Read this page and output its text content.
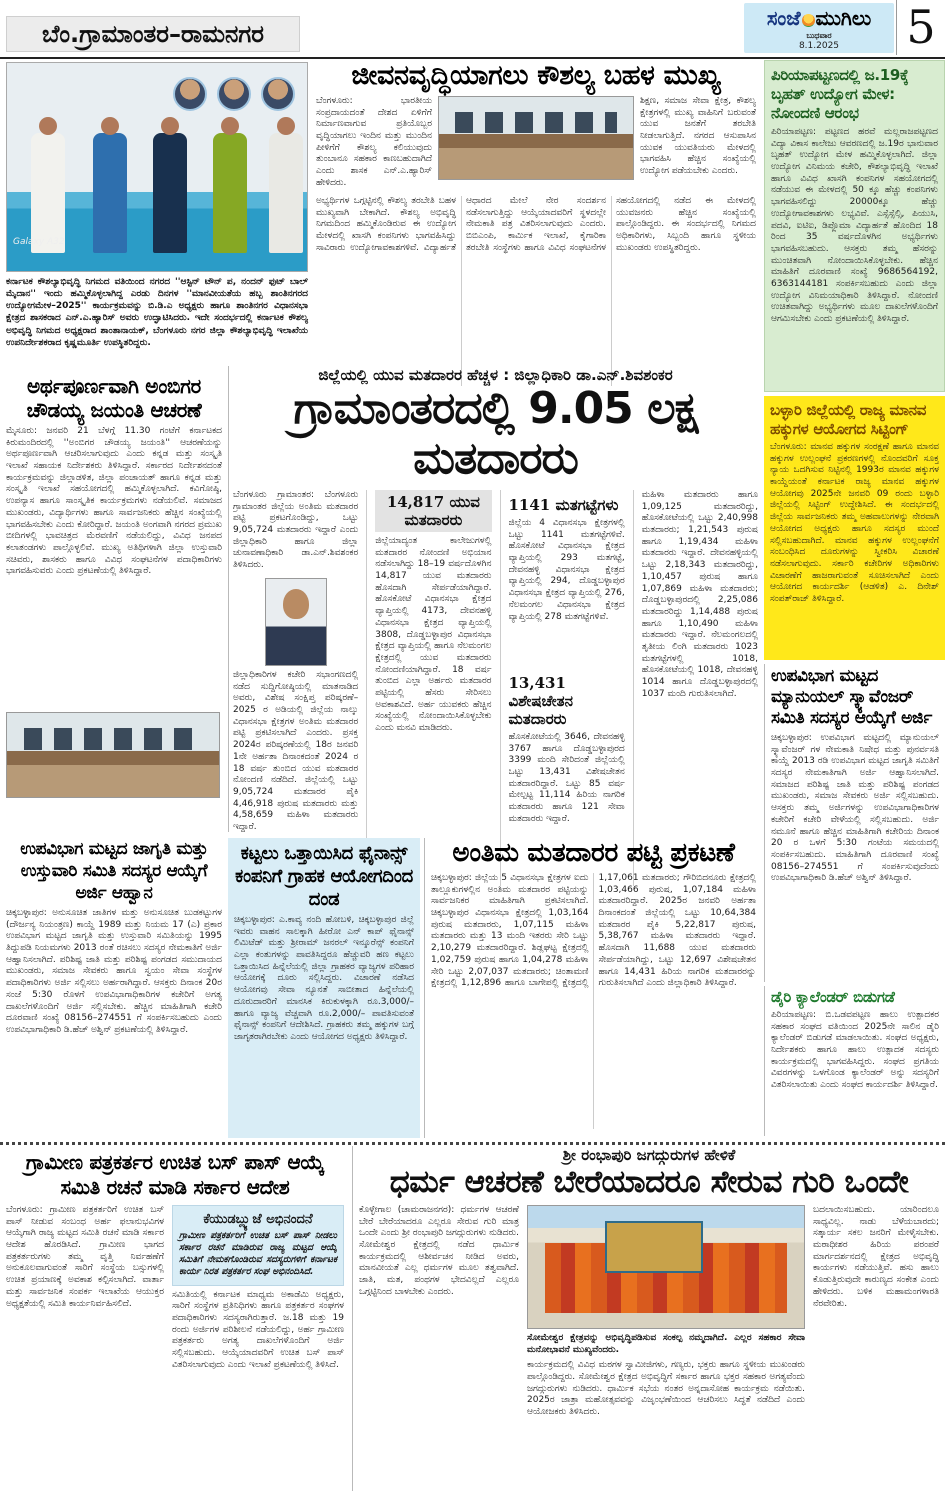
ಬೆಂ.ಗ್ರಾಮಾಂತರ–ರಾಮನಗರ
ಸಂಜೆ ಮುಗಿಲು
ಬುಧವಾರ
8.1.2025	5
Galaxy A32
ಕರ್ನಾಟಕ ಕೌಶಲ್ಯಾಭಿವೃದ್ಧಿ ನಿಗಮದ ವತಿಯಿಂದ ನಗರದ ''ಆಸ್ಟಿನ್ ಟೌನ್ ಪ, ನಂದನ್ ಫುಟ್ ಬಾಲ್ ಮೈದಾನ'' ಇಂದು ಹಮ್ಮಿಕೊಳ್ಳಲಾಗಿದ್ದ ಎರಡು ದಿನಗಳ ''ಮಾನವೀಯತೆಯ ಹಬ್ಬ ಶಾಂತಿನಗರದ ಉದ್ಯೋಗಮೇಳ–2025'' ಕಾರ್ಯಕ್ರಮವನ್ನು ಬಿ.ಡಿ.ಎ ಅಧ್ಯಕ್ಷರು ಹಾಗೂ ಶಾಂತಿನಗರ ವಿಧಾನಸಭಾ ಕ್ಷೇತ್ರದ ಶಾಸಕರಾದ ಎನ್.ಎ.ಹ್ಯಾರಿಸ್ ಅವರು ಉದ್ಘಾಟಿಸಿದರು. ಇದೇ ಸಂದರ್ಭದಲ್ಲಿ ಕರ್ನಾಟಕ ಕೌಶಲ್ಯ ಅಭಿವೃದ್ಧಿ ನಿಗಮದ ಅಧ್ಯಕ್ಷರಾದ ಶಾಂತಾನಾಯಕ್, ಬೆಂಗಳೂರು ನಗರ ಜಿಲ್ಲಾ ಕೌಶಲ್ಯಾಭಿವೃದ್ಧಿ ಇಲಾಖೆಯ ಉಪನಿರ್ದೇಶಕರಾದ ಕೃಷ್ಣಮೂರ್ತಿ ಉಪಸ್ಥಿತರಿದ್ದರು.
ಜೀವನವೃದ್ಧಿಯಾಗಲು ಕೌಶಲ್ಯ ಬಹಳ ಮುಖ್ಯ
ಬೆಂಗಳೂರು: ಭಾರತೀಯ ಸಂಪ್ರದಾಯದಂತೆ ದೇಶದ ಏಳಿಗೆಗೆ ನಿರ್ಮಾಣವಾಗುವ ಪ್ರತಿಯೊಬ್ಬರ ವೃದ್ಧಿಯಾಗಲು ಇಂದಿನ ಮತ್ತು ಮುಂದಿನ ಪೀಳಿಗೆಗೆ ಕೌಶಲ್ಯ ಕಲಿಯುವುದು ತುಂಬಾನೂ ಸಹಕಾರ ಕಾಣಬಹುದಾಗಿದೆ ಎಂದು ಶಾಸಕ ಎನ್.ಎ.ಹ್ಯಾರಿಸ್ ಹೇಳಿದರು.
ಶಿಕ್ಷಣ, ಸಮಾಜ ಸೇವಾ ಕ್ಷೇತ್ರ, ಕೌಶಲ್ಯ ಕ್ಷೇತ್ರಗಳಲ್ಲಿ ಮುಖ್ಯ ವಾಹಿನಿಗೆ ಬರುವಂತೆ ಯುವ ಜನತೆಗೆ ತರಬೇತಿ ನೀಡಲಾಗುತ್ತಿದೆ. ನಗರದ ಆಸುಪಾಸಿನ ಯುವಕ ಯುವತಿಯರು ಮೇಳದಲ್ಲಿ ಭಾಗವಹಿಸಿ ಹೆಚ್ಚಿನ ಸಂಖ್ಯೆಯಲ್ಲಿ ಉದ್ಯೋಗ ಪಡೆಯಬೇಕು ಎಂದರು.
ಅಭ್ಯರ್ಥಿಗಳ ಒಗ್ಗಟ್ಟಿನಲ್ಲಿ ಕೌಶಲ್ಯ ತರಬೇತಿ ಬಹಳ ಮುಖ್ಯವಾಗಿ ಬೇಕಾಗಿದೆ. ಕೌಶಲ್ಯ ಅಭಿವೃದ್ಧಿ ನಿಗಮದಿಂದ ಹಮ್ಮಿಕೊಂಡಿರುವ ಈ ಉದ್ಯೋಗ ಮೇಳದಲ್ಲಿ ಖಾಸಗಿ ಕಂಪನಿಗಳು ಭಾಗವಹಿಸಿದ್ದು ಸಾವಿರಾರು ಉದ್ಯೋಗಾವಕಾಶಗಳಿವೆ. ವಿದ್ಯಾರ್ಹತೆ ಆಧಾರದ ಮೇಲೆ ನೇರ ಸಂದರ್ಶನ ನಡೆಸಲಾಗುತ್ತಿದ್ದು ಆಯ್ಕೆಯಾದವರಿಗೆ ಸ್ಥಳದಲ್ಲೇ ನೇಮಕಾತಿ ಪತ್ರ ವಿತರಿಸಲಾಗುವುದು ಎಂದರು. ಬಿಬಿಎಂಪಿ, ಕಾರ್ಮಿಕ ಇಲಾಖೆ, ಕೈಗಾರಿಕಾ ತರಬೇತಿ ಸಂಸ್ಥೆಗಳು ಹಾಗೂ ವಿವಿಧ ಸಂಘಟನೆಗಳ ಸಹಯೋಗದಲ್ಲಿ ನಡೆದ ಈ ಮೇಳದಲ್ಲಿ ಯುವಜನರು ಹೆಚ್ಚಿನ ಸಂಖ್ಯೆಯಲ್ಲಿ ಪಾಲ್ಗೊಂಡಿದ್ದರು. ಈ ಸಂದರ್ಭದಲ್ಲಿ ನಿಗಮದ ಅಧಿಕಾರಿಗಳು, ಸಿಬ್ಬಂದಿ ಹಾಗೂ ಸ್ಥಳೀಯ ಮುಖಂಡರು ಉಪಸ್ಥಿತರಿದ್ದರು.
ಪಿರಿಯಾಪಟ್ಟಣದಲ್ಲಿ ಜ.19ಕ್ಕೆ ಬೃಹತ್ ಉದ್ಯೋಗ ಮೇಳ: ನೋಂದಣಿ ಆರಂಭ
ಪಿರಿಯಾಪಟ್ಟಣ: ಪಟ್ಟಣದ ಹರವೆ ಮಲ್ಲರಾಜಪಟ್ಟಣದ ವಿದ್ಯಾ ವಿಕಾಸ ಕಾಲೇಜು ಆವರಣದಲ್ಲಿ ಜ.19ರ ಭಾನುವಾರ ಬೃಹತ್ ಉದ್ಯೋಗ ಮೇಳ ಹಮ್ಮಿಕೊಳ್ಳಲಾಗಿದೆ. ಜಿಲ್ಲಾ ಉದ್ಯೋಗ ವಿನಿಮಯ ಕಚೇರಿ, ಕೌಶಲ್ಯಾಭಿವೃದ್ಧಿ ಇಲಾಖೆ ಹಾಗೂ ವಿವಿಧ ಖಾಸಗಿ ಕಂಪನಿಗಳ ಸಹಯೋಗದಲ್ಲಿ ನಡೆಯುವ ಈ ಮೇಳದಲ್ಲಿ 50 ಕ್ಕೂ ಹೆಚ್ಚು ಕಂಪನಿಗಳು ಭಾಗವಹಿಸಲಿದ್ದು 20000ಕ್ಕೂ ಹೆಚ್ಚು ಉದ್ಯೋಗಾವಕಾಶಗಳು ಲಭ್ಯವಿವೆ. ಎಸ್ಸೆಸ್ಸೆಲ್ಸಿ, ಪಿಯುಸಿ, ಪದವಿ, ಐಟಿಐ, ಡಿಪ್ಲೊಮಾ ವಿದ್ಯಾರ್ಹತೆ ಹೊಂದಿದ 18 ರಿಂದ 35 ವರ್ಷದೊಳಗಿನ ಅಭ್ಯರ್ಥಿಗಳು ಭಾಗವಹಿಸಬಹುದು. ಆಸಕ್ತರು ತಮ್ಮ ಹೆಸರನ್ನು ಮುಂಚಿತವಾಗಿ ನೋಂದಾಯಿಸಿಕೊಳ್ಳಬೇಕು. ಹೆಚ್ಚಿನ ಮಾಹಿತಿಗೆ ದೂರವಾಣಿ ಸಂಖ್ಯೆ 9686564192, 6363144181 ಸಂಪರ್ಕಿಸಬಹುದು ಎಂದು ಜಿಲ್ಲಾ ಉದ್ಯೋಗ ವಿನಿಮಯಾಧಿಕಾರಿ ತಿಳಿಸಿದ್ದಾರೆ. ನೋಂದಣಿ ಉಚಿತವಾಗಿದ್ದು ಅಭ್ಯರ್ಥಿಗಳು ಮೂಲ ದಾಖಲೆಗಳೊಂದಿಗೆ ಆಗಮಿಸಬೇಕು ಎಂದು ಪ್ರಕಟಣೆಯಲ್ಲಿ ತಿಳಿಸಿದ್ದಾರೆ.
ಅರ್ಥಪೂರ್ಣವಾಗಿ ಅಂಬಿಗರ ಚೌಡಯ್ಯ ಜಯಂತಿ ಆಚರಣೆ
ಮೈಸೂರು: ಜನವರಿ 21 ಬೆಳಗ್ಗೆ 11.30 ಗಂಟೆಗೆ ಕರ್ನಾಟಕದ ಕಿರುಮಂದಿರದಲ್ಲಿ ''ಅಂಬಿಗರ ಚೌಡಯ್ಯ ಜಯಂತಿ'' ಆಚರಣೆಯನ್ನು ಅರ್ಥಪೂರ್ಣವಾಗಿ ಆಚರಿಸಲಾಗುವುದು ಎಂದು ಕನ್ನಡ ಮತ್ತು ಸಂಸ್ಕೃತಿ ಇಲಾಖೆ ಸಹಾಯಕ ನಿರ್ದೇಶಕರು ತಿಳಿಸಿದ್ದಾರೆ. ಸರ್ಕಾರದ ನಿರ್ದೇಶನದಂತೆ ಕಾರ್ಯಕ್ರಮವನ್ನು ಜಿಲ್ಲಾಡಳಿತ, ಜಿಲ್ಲಾ ಪಂಚಾಯತ್ ಹಾಗೂ ಕನ್ನಡ ಮತ್ತು ಸಂಸ್ಕೃತಿ ಇಲಾಖೆ ಸಹಯೋಗದಲ್ಲಿ ಹಮ್ಮಿಕೊಳ್ಳಲಾಗಿದೆ. ಕವಿಗೋಷ್ಠಿ, ಉಪನ್ಯಾಸ ಹಾಗೂ ಸಾಂಸ್ಕೃತಿಕ ಕಾರ್ಯಕ್ರಮಗಳು ನಡೆಯಲಿವೆ. ಸಮಾಜದ ಮುಖಂಡರು, ವಿದ್ಯಾರ್ಥಿಗಳು ಹಾಗೂ ಸಾರ್ವಜನಿಕರು ಹೆಚ್ಚಿನ ಸಂಖ್ಯೆಯಲ್ಲಿ ಭಾಗವಹಿಸಬೇಕು ಎಂದು ಕೋರಿದ್ದಾರೆ. ಜಯಂತಿ ಅಂಗವಾಗಿ ನಗರದ ಪ್ರಮುಖ ಬೀದಿಗಳಲ್ಲಿ ಭಾವಚಿತ್ರದ ಮೆರವಣಿಗೆ ನಡೆಯಲಿದ್ದು, ವಿವಿಧ ಜನಪದ ಕಲಾತಂಡಗಳು ಪಾಲ್ಗೊಳ್ಳಲಿವೆ. ಮುಖ್ಯ ಅತಿಥಿಗಳಾಗಿ ಜಿಲ್ಲಾ ಉಸ್ತುವಾರಿ ಸಚಿವರು, ಶಾಸಕರು ಹಾಗೂ ವಿವಿಧ ಸಂಘಟನೆಗಳ ಪದಾಧಿಕಾರಿಗಳು ಭಾಗವಹಿಸುವರು ಎಂದು ಪ್ರಕಟಣೆಯಲ್ಲಿ ತಿಳಿಸಿದ್ದಾರೆ.
ಜಿಲ್ಲೆಯಲ್ಲಿ ಯುವ ಮತದಾರರ ಹೆಚ್ಚಳ : ಜಿಲ್ಲಾಧಿಕಾರಿ ಡಾ.ಎನ್.ಶಿವಶಂಕರ
ಗ್ರಾಮಾಂತರದಲ್ಲಿ 9.05 ಲಕ್ಷ ಮತದಾರರು
ಬೆಂಗಳೂರು ಗ್ರಾಮಾಂತರ: ಬೆಂಗಳೂರು ಗ್ರಾಮಾಂತರ ಜಿಲ್ಲೆಯ ಅಂತಿಮ ಮತದಾರರ ಪಟ್ಟಿ ಪ್ರಕಟಗೊಂಡಿದ್ದು, ಒಟ್ಟು 9,05,724 ಮತದಾರರು ಇದ್ದಾರೆ ಎಂದು ಜಿಲ್ಲಾಧಿಕಾರಿ ಹಾಗೂ ಜಿಲ್ಲಾ ಚುನಾವಣಾಧಿಕಾರಿ ಡಾ.ಎನ್.ಶಿವಶಂಕರ ತಿಳಿಸಿದರು.
ಜಿಲ್ಲಾಧಿಕಾರಿಗಳ ಕಚೇರಿ ಸಭಾಂಗಣದಲ್ಲಿ ನಡೆದ ಸುದ್ದಿಗೋಷ್ಠಿಯಲ್ಲಿ ಮಾತನಾಡಿದ ಅವರು, ವಿಶೇಷ ಸಂಕ್ಷಿಪ್ತ ಪರಿಷ್ಕರಣೆ–2025 ರ ಅಡಿಯಲ್ಲಿ ಜಿಲ್ಲೆಯ ನಾಲ್ಕು ವಿಧಾನಸಭಾ ಕ್ಷೇತ್ರಗಳ ಅಂತಿಮ ಮತದಾರರ ಪಟ್ಟಿ ಪ್ರಕಟಿಸಲಾಗಿದೆ ಎಂದರು. ಪ್ರಸಕ್ತ 2024ರ ಪರಿಷ್ಕರಣೆಯಲ್ಲಿ 18ರ ಜನವರಿ 1ನೇ ಅರ್ಹತಾ ದಿನಾಂಕದಂತೆ 2024 ರ 18 ವರ್ಷ ತುಂಬಿದ ಯುವ ಮತದಾರರ ನೋಂದಣಿ ನಡೆದಿದೆ. ಜಿಲ್ಲೆಯಲ್ಲಿ ಒಟ್ಟು 9,05,724 ಮತದಾರರ ಪೈಕಿ 4,46,918 ಪುರುಷ ಮತದಾರರು ಮತ್ತು 4,58,659 ಮಹಿಳಾ ಮತದಾರರು ಇದ್ದಾರೆ.
14,817 ಯುವ ಮತದಾರರು
ಜಿಲ್ಲೆಯಾದ್ಯಂತ ಕಾಲೇಜುಗಳಲ್ಲಿ ಮತದಾರರ ನೋಂದಣಿ ಅಭಿಯಾನ ನಡೆಸಲಾಗಿದ್ದು 18–19 ವರ್ಷದೊಳಗಿನ 14,817 ಯುವ ಮತದಾರರು ಹೊಸದಾಗಿ ಸೇರ್ಪಡೆಯಾಗಿದ್ದಾರೆ. ಹೊಸಕೋಟೆ ವಿಧಾನಸಭಾ ಕ್ಷೇತ್ರದ ವ್ಯಾಪ್ತಿಯಲ್ಲಿ 4173, ದೇವನಹಳ್ಳಿ ವಿಧಾನಸಭಾ ಕ್ಷೇತ್ರದ ವ್ಯಾಪ್ತಿಯಲ್ಲಿ 3808, ದೊಡ್ಡಬಳ್ಳಾಪುರ ವಿಧಾನಸಭಾ ಕ್ಷೇತ್ರದ ವ್ಯಾಪ್ತಿಯಲ್ಲಿ ಹಾಗೂ ನೆಲಮಂಗಲ ಕ್ಷೇತ್ರದಲ್ಲಿ ಯುವ ಮತದಾರರು ನೋಂದಣಿಯಾಗಿದ್ದಾರೆ. 18 ವರ್ಷ ತುಂಬಿದ ಎಲ್ಲಾ ಅರ್ಹರು ಮತದಾರರ ಪಟ್ಟಿಯಲ್ಲಿ ಹೆಸರು ಸೇರಿಸಲು ಅವಕಾಶವಿದೆ. ಅರ್ಹ ಯುವಕರು ಹೆಚ್ಚಿನ ಸಂಖ್ಯೆಯಲ್ಲಿ ನೋಂದಾಯಿಸಿಕೊಳ್ಳಬೇಕು ಎಂದು ಮನವಿ ಮಾಡಿದರು.
1141 ಮತಗಟ್ಟೆಗಳು
ಜಿಲ್ಲೆಯ 4 ವಿಧಾನಸಭಾ ಕ್ಷೇತ್ರಗಳಲ್ಲಿ ಒಟ್ಟು 1141 ಮತಗಟ್ಟೆಗಳಿವೆ. ಹೊಸಕೋಟೆ ವಿಧಾನಸಭಾ ಕ್ಷೇತ್ರದ ವ್ಯಾಪ್ತಿಯಲ್ಲಿ 293 ಮತಗಟ್ಟೆ, ದೇವನಹಳ್ಳಿ ವಿಧಾನಸಭಾ ಕ್ಷೇತ್ರದ ವ್ಯಾಪ್ತಿಯಲ್ಲಿ 294, ದೊಡ್ಡಬಳ್ಳಾಪುರ ವಿಧಾನಸಭಾ ಕ್ಷೇತ್ರದ ವ್ಯಾಪ್ತಿಯಲ್ಲಿ 276, ನೆಲಮಂಗಲ ವಿಧಾನಸಭಾ ಕ್ಷೇತ್ರದ ವ್ಯಾಪ್ತಿಯಲ್ಲಿ 278 ಮತಗಟ್ಟೆಗಳಿವೆ.
13,431 ವಿಶೇಷಚೇತನ ಮತದಾರರು
ಹೊಸಕೋಟೆಯಲ್ಲಿ 3646, ದೇವನಹಳ್ಳಿ 3767 ಹಾಗೂ ದೊಡ್ಡಬಳ್ಳಾಪುರದ 3399 ಮಂದಿ ಸೇರಿದಂತೆ ಜಿಲ್ಲೆಯಲ್ಲಿ ಒಟ್ಟು 13,431 ವಿಶೇಷಚೇತನ ಮತದಾರರಿದ್ದಾರೆ. ಒಟ್ಟು 85 ವರ್ಷ ಮೇಲ್ಪಟ್ಟ 11,114 ಹಿರಿಯ ನಾಗರಿಕ ಮತದಾರರು ಹಾಗೂ 121 ಸೇವಾ ಮತದಾರರು ಇದ್ದಾರೆ.
ಮಹಿಳಾ ಮತದಾರರು ಹಾಗೂ 1,09,125 ಮತದಾರರಿದ್ದು, ಹೊಸಕೋಟೆಯಲ್ಲಿ ಒಟ್ಟು 2,40,998 ಮತದಾರರು; 1,21,543 ಪುರುಷ ಹಾಗೂ 1,19,434 ಮಹಿಳಾ ಮತದಾರರು ಇದ್ದಾರೆ. ದೇವನಹಳ್ಳಿಯಲ್ಲಿ ಒಟ್ಟು 2,18,343 ಮತದಾರರಿದ್ದು, 1,10,457 ಪುರುಷ ಹಾಗೂ 1,07,869 ಮಹಿಳಾ ಮತದಾರರು; ದೊಡ್ಡಬಳ್ಳಾಪುರದಲ್ಲಿ 2,25,086 ಮತದಾರರಿದ್ದು 1,14,488 ಪುರುಷ ಹಾಗೂ 1,10,490 ಮಹಿಳಾ ಮತದಾರರು ಇದ್ದಾರೆ. ನೆಲಮಂಗಲದಲ್ಲಿ ತೃತೀಯ ಲಿಂಗಿ ಮತದಾರರು 1023 ಮತಗಟ್ಟೆಗಳಲ್ಲಿ 1018, ಹೊಸಕೋಟೆಯಲ್ಲಿ 1018, ದೇವನಹಳ್ಳಿ 1014 ಹಾಗೂ ದೊಡ್ಡಬಳ್ಳಾಪುರದಲ್ಲಿ 1037 ಮಂದಿ ಗುರುತಿಸಲಾಗಿದೆ.
ಬಳ್ಳಾರಿ ಜಿಲ್ಲೆಯಲ್ಲಿ ರಾಜ್ಯ ಮಾನವ ಹಕ್ಕುಗಳ ಆಯೋಗದ ಸಿಟ್ಟಿಂಗ್
ಬೆಂಗಳೂರು: ಮಾನವ ಹಕ್ಕುಗಳ ಸಂರಕ್ಷಣೆ ಹಾಗೂ ಮಾನವ ಹಕ್ಕುಗಳ ಉಲ್ಲಂಘನೆ ಪ್ರಕರಣಗಳಲ್ಲಿ ನೊಂದವರಿಗೆ ಸೂಕ್ತ ನ್ಯಾಯ ಒದಗಿಸುವ ನಿಟ್ಟಿನಲ್ಲಿ 1993ರ ಮಾನವ ಹಕ್ಕುಗಳ ಕಾಯ್ದೆಯಂತೆ ಕರ್ನಾಟಕ ರಾಜ್ಯ ಮಾನವ ಹಕ್ಕುಗಳ ಆಯೋಗವು 2025ನೇ ಜನವರಿ 09 ರಂದು ಬಳ್ಳಾರಿ ಜಿಲ್ಲೆಯಲ್ಲಿ ಸಿಟ್ಟಿಂಗ್ ಉದ್ದೇಶಿಸಿದೆ. ಈ ಸಂದರ್ಭದಲ್ಲಿ ಜಿಲ್ಲೆಯ ಸಾರ್ವಜನಿಕರು ತಮ್ಮ ಅಹವಾಲುಗಳನ್ನು ನೇರವಾಗಿ ಆಯೋಗದ ಅಧ್ಯಕ್ಷರು ಹಾಗೂ ಸದಸ್ಯರ ಮುಂದೆ ಸಲ್ಲಿಸಬಹುದಾಗಿದೆ. ಮಾನವ ಹಕ್ಕುಗಳ ಉಲ್ಲಂಘನೆಗೆ ಸಂಬಂಧಿಸಿದ ದೂರುಗಳನ್ನು ಸ್ವೀಕರಿಸಿ ವಿಚಾರಣೆ ನಡೆಸಲಾಗುವುದು. ಸರ್ಕಾರಿ ಕಚೇರಿಗಳ ಅಧಿಕಾರಿಗಳು ವಿಚಾರಣೆಗೆ ಹಾಜರಾಗುವಂತೆ ಸೂಚಿಸಲಾಗಿದೆ ಎಂದು ಆಯೋಗದ ಕಾರ್ಯದರ್ಶಿ (ಆಡಳಿತ) ಎ. ದಿನೇಶ್ ಸಂಪತ್‌ರಾಜ್ ತಿಳಿಸಿದ್ದಾರೆ.
ಉಪವಿಭಾಗ ಮಟ್ಟದ ಮ್ಯಾನುಯಲ್ ಸ್ಕ್ಯಾವೆಂಜರ್ ಸಮಿತಿ ಸದಸ್ಯರ ಆಯ್ಕೆಗೆ ಅರ್ಜಿ
ಚಿಕ್ಕಬಳ್ಳಾಪುರ: ಉಪವಿಭಾಗ ಮಟ್ಟದಲ್ಲಿ ಮ್ಯಾನುಯಲ್ ಸ್ಕ್ಯಾವೆಂಜರ್ ಗಳ ನೇಮಕಾತಿ ನಿಷೇಧ ಮತ್ತು ಪುನರ್ವಸತಿ ಕಾಯ್ದೆ 2013 ರಡಿ ಉಪವಿಭಾಗ ಮಟ್ಟದ ಜಾಗೃತಿ ಸಮಿತಿಗೆ ಸದಸ್ಯರ ನೇಮಕಾತಿಗಾಗಿ ಅರ್ಜಿ ಆಹ್ವಾನಿಸಲಾಗಿದೆ. ಸಮಾಜದ ಪರಿಶಿಷ್ಟ ಜಾತಿ ಮತ್ತು ಪರಿಶಿಷ್ಟ ಪಂಗಡದ ಮುಖಂಡರು, ಸಮಾಜ ಸೇವಕರು ಅರ್ಜಿ ಸಲ್ಲಿಸಬಹುದು. ಆಸಕ್ತರು ತಮ್ಮ ಅರ್ಜಿಗಳನ್ನು ಉಪವಿಭಾಗಾಧಿಕಾರಿಗಳ ಕಚೇರಿಗೆ ಕಚೇರಿ ವೇಳೆಯಲ್ಲಿ ಸಲ್ಲಿಸಬಹುದು. ಅರ್ಜಿ ನಮೂನೆ ಹಾಗೂ ಹೆಚ್ಚಿನ ಮಾಹಿತಿಗಾಗಿ ಕಚೇರಿಯ ದಿನಾಂಕ 20 ರ ಒಳಗೆ 5:30 ಗಂಟೆಯ ಸಮಯದಲ್ಲಿ ಸಂಪರ್ಕಿಸಬಹುದು. ಮಾಹಿತಿಗಾಗಿ ದೂರವಾಣಿ ಸಂಖ್ಯೆ 08156–274551 ಗೆ ಸಂಪರ್ಕಿಸುವುದೆಂದು ಉಪವಿಭಾಗಾಧಿಕಾರಿ ಡಿ.ಹೆಚ್ ಅಶ್ವಿನ್ ತಿಳಿಸಿದ್ದಾರೆ.
ಡೈರಿ ಕ್ಯಾಲೆಂಡರ್ ಬಿಡುಗಡೆ
ಪಿರಿಯಾಪಟ್ಟಣ: ಬಿ.ಒಡವಪಟ್ಟಣ ಹಾಲು ಉತ್ಪಾದಕರ ಸಹಕಾರ ಸಂಘದ ವತಿಯಿಂದ 2025ನೇ ಸಾಲಿನ ಡೈರಿ ಕ್ಯಾಲೆಂಡರ್ ಬಿಡುಗಡೆ ಮಾಡಲಾಯಿತು. ಸಂಘದ ಅಧ್ಯಕ್ಷರು, ನಿರ್ದೇಶಕರು ಹಾಗೂ ಹಾಲು ಉತ್ಪಾದಕ ಸದಸ್ಯರು ಕಾರ್ಯಕ್ರಮದಲ್ಲಿ ಭಾಗವಹಿಸಿದ್ದರು. ಸಂಘದ ಪ್ರಗತಿಯ ವಿವರಗಳನ್ನು ಒಳಗೊಂಡ ಕ್ಯಾಲೆಂಡರ್ ಅನ್ನು ಸದಸ್ಯರಿಗೆ ವಿತರಿಸಲಾಯಿತು ಎಂದು ಸಂಘದ ಕಾರ್ಯದರ್ಶಿ ತಿಳಿಸಿದ್ದಾರೆ.
ಉಪವಿಭಾಗ ಮಟ್ಟದ ಜಾಗೃತಿ ಮತ್ತು ಉಸ್ತುವಾರಿ ಸಮಿತಿ ಸದಸ್ಯರ ಆಯ್ಕೆಗೆ ಅರ್ಜಿ ಆಹ್ವಾನ
ಚಿಕ್ಕಬಳ್ಳಾಪುರ: ಅನುಸೂಚಿತ ಜಾತಿಗಳ ಮತ್ತು ಅನುಸೂಚಿತ ಬುಡಕಟ್ಟುಗಳ (ದೌರ್ಜನ್ಯ ನಿಯಂತ್ರಣ) ಕಾಯ್ದೆ 1989 ಮತ್ತು ನಿಯಮ 17 (ಎ) ಪ್ರಕಾರ ಉಪವಿಭಾಗ ಮಟ್ಟದ ಜಾಗೃತಿ ಮತ್ತು ಉಸ್ತುವಾರಿ ಸಮಿತಿಯನ್ನು 1995 ತಿದ್ದುಪಡಿ ನಿಯಮಗಳು 2013 ರಂತೆ ರಚಿಸಲು ಸದಸ್ಯರ ನೇಮಕಾತಿಗೆ ಅರ್ಜಿ ಆಹ್ವಾನಿಸಲಾಗಿದೆ. ಪರಿಶಿಷ್ಟ ಜಾತಿ ಮತ್ತು ಪರಿಶಿಷ್ಟ ಪಂಗಡದ ಸಮುದಾಯದ ಮುಖಂಡರು, ಸಮಾಜ ಸೇವಕರು ಹಾಗೂ ಸ್ವಯಂ ಸೇವಾ ಸಂಸ್ಥೆಗಳ ಪದಾಧಿಕಾರಿಗಳು ಅರ್ಜಿ ಸಲ್ಲಿಸಲು ಅರ್ಹರಾಗಿದ್ದಾರೆ. ಆಸಕ್ತರು ದಿನಾಂಕ 20ರ ಸಂಜೆ 5:30 ರೊಳಗೆ ಉಪವಿಭಾಗಾಧಿಕಾರಿಗಳ ಕಚೇರಿಗೆ ಅಗತ್ಯ ದಾಖಲೆಗಳೊಂದಿಗೆ ಅರ್ಜಿ ಸಲ್ಲಿಸಬೇಕು. ಹೆಚ್ಚಿನ ಮಾಹಿತಿಗಾಗಿ ಕಚೇರಿ ದೂರವಾಣಿ ಸಂಖ್ಯೆ 08156–274551 ಗೆ ಸಂಪರ್ಕಿಸಬಹುದು ಎಂದು ಉಪವಿಭಾಗಾಧಿಕಾರಿ ಡಿ.ಹೆಚ್ ಅಶ್ವಿನ್ ಪ್ರಕಟಣೆಯಲ್ಲಿ ತಿಳಿಸಿದ್ದಾರೆ.
ಕಟ್ಟಲು ಒತ್ತಾಯಿಸಿದ ಫೈನಾನ್ಸ್ ಕಂಪನಿಗೆ ಗ್ರಾಹಕ ಆಯೋಗದಿಂದ ದಂಡ
ಚಿಕ್ಕಬಳ್ಳಾಪುರ: ಎ.ಕಾವ್ಯ ನಂದಿ ಹೋಬಳಿ, ಚಿಕ್ಕಬಳ್ಳಾಪುರ ಜಿಲ್ಲೆ ಇವರು ವಾಹನ ಸಾಲಕ್ಕಾಗಿ ಹೀರೋ ಎನ್ ಕಾಪ್ ಫೈನಾನ್ಸ್ ಲಿಮಿಟೆಡ್ ಮತ್ತು ಶ್ರೀರಾಮ್ ಜನರಲ್ ಇನ್ಶೂರೆನ್ಸ್ ಕಂಪನಿಗೆ ಎಲ್ಲಾ ಕಂತುಗಳನ್ನು ಪಾವತಿಸಿದ್ದರೂ ಹೆಚ್ಚುವರಿ ಹಣ ಕಟ್ಟಲು ಒತ್ತಾಯಿಸಿದ ಹಿನ್ನೆಲೆಯಲ್ಲಿ ಜಿಲ್ಲಾ ಗ್ರಾಹಕರ ವ್ಯಾಜ್ಯಗಳ ಪರಿಹಾರ ಆಯೋಗಕ್ಕೆ ದೂರು ಸಲ್ಲಿಸಿದ್ದರು. ವಿಚಾರಣೆ ನಡೆಸಿದ ಆಯೋಗವು ಸೇವಾ ನ್ಯೂನತೆ ಸಾಬೀತಾದ ಹಿನ್ನೆಲೆಯಲ್ಲಿ ದೂರುದಾರರಿಗೆ ಮಾನಸಿಕ ಕಿರುಕುಳಕ್ಕಾಗಿ ರೂ.3,000/– ಹಾಗೂ ವ್ಯಾಜ್ಯ ವೆಚ್ಚವಾಗಿ ರೂ.2,000/– ಪಾವತಿಸುವಂತೆ ಫೈನಾನ್ಸ್ ಕಂಪನಿಗೆ ಆದೇಶಿಸಿದೆ. ಗ್ರಾಹಕರು ತಮ್ಮ ಹಕ್ಕುಗಳ ಬಗ್ಗೆ ಜಾಗೃತರಾಗಿರಬೇಕು ಎಂದು ಆಯೋಗದ ಅಧ್ಯಕ್ಷರು ತಿಳಿಸಿದ್ದಾರೆ.
ಅಂತಿಮ ಮತದಾರರ ಪಟ್ಟಿ ಪ್ರಕಟಣೆ
ಚಿಕ್ಕಬಳ್ಳಾಪುರ: ಜಿಲ್ಲೆಯ 5 ವಿಧಾನಸಭಾ ಕ್ಷೇತ್ರಗಳ ಐದು ತಾಲ್ಲೂಕುಗಳಲ್ಲಿನ ಅಂತಿಮ ಮತದಾರರ ಪಟ್ಟಿಯನ್ನು ಸಾರ್ವಜನಿಕರ ಮಾಹಿತಿಗಾಗಿ ಪ್ರಕಟಿಸಲಾಗಿದೆ. ಚಿಕ್ಕಬಳ್ಳಾಪುರ ವಿಧಾನಸಭಾ ಕ್ಷೇತ್ರದಲ್ಲಿ 1,03,164 ಪುರುಷ ಮತದಾರರು, 1,07,115 ಮಹಿಳಾ ಮತದಾರರು ಮತ್ತು 13 ಮಂದಿ ಇತರರು ಸೇರಿ ಒಟ್ಟು 2,10,279 ಮತದಾರರಿದ್ದಾರೆ. ಶಿಡ್ಲಘಟ್ಟ ಕ್ಷೇತ್ರದಲ್ಲಿ 1,02,759 ಪುರುಷ ಹಾಗೂ 1,04,278 ಮಹಿಳಾ ಸೇರಿ ಒಟ್ಟು 2,07,037 ಮತದಾರರು; ಚಿಂತಾಮಣಿ ಕ್ಷೇತ್ರದಲ್ಲಿ 1,12,896 ಹಾಗೂ ಬಾಗೇಪಲ್ಲಿ ಕ್ಷೇತ್ರದಲ್ಲಿ 1,17,061 ಮತದಾರರು; ಗೌರಿಬಿದನೂರು ಕ್ಷೇತ್ರದಲ್ಲಿ 1,03,466 ಪುರುಷ, 1,07,184 ಮಹಿಳಾ ಮತದಾರರಿದ್ದಾರೆ. 2025ರ ಜನವರಿ ಅರ್ಹತಾ ದಿನಾಂಕದಂತೆ ಜಿಲ್ಲೆಯಲ್ಲಿ ಒಟ್ಟು 10,64,384 ಮತದಾರರ ಪೈಕಿ 5,22,817 ಪುರುಷ, 5,38,767 ಮಹಿಳಾ ಮತದಾರರು ಇದ್ದಾರೆ. ಹೊಸದಾಗಿ 11,688 ಯುವ ಮತದಾರರು ಸೇರ್ಪಡೆಯಾಗಿದ್ದು, ಒಟ್ಟು 12,697 ವಿಶೇಷಚೇತನ ಹಾಗೂ 14,431 ಹಿರಿಯ ನಾಗರಿಕ ಮತದಾರರನ್ನು ಗುರುತಿಸಲಾಗಿದೆ ಎಂದು ಜಿಲ್ಲಾಧಿಕಾರಿ ತಿಳಿಸಿದ್ದಾರೆ.
ಗ್ರಾಮೀಣ ಪತ್ರಕರ್ತರ ಉಚಿತ ಬಸ್ ಪಾಸ್ ಆಯ್ಕೆ ಸಮಿತಿ ರಚನೆ ಮಾಡಿ ಸರ್ಕಾರ ಆದೇಶ
ಬೆಂಗಳೂರು: ಗ್ರಾಮೀಣ ಪತ್ರಕರ್ತರಿಗೆ ಉಚಿತ ಬಸ್ ಪಾಸ್ ನೀಡುವ ಸಂಬಂಧ ಅರ್ಹ ಫಲಾನುಭವಿಗಳ ಆಯ್ಕೆಗಾಗಿ ರಾಜ್ಯ ಮಟ್ಟದ ಸಮಿತಿ ರಚನೆ ಮಾಡಿ ಸರ್ಕಾರ ಆದೇಶ ಹೊರಡಿಸಿದೆ. ಗ್ರಾಮೀಣ ಭಾಗದ ಪತ್ರಕರ್ತರುಗಳು ತಮ್ಮ ವೃತ್ತಿ ನಿರ್ವಹಣೆಗೆ ಅನುಕೂಲವಾಗುವಂತೆ ಸಾರಿಗೆ ಸಂಸ್ಥೆಯ ಬಸ್ಸುಗಳಲ್ಲಿ ಉಚಿತ ಪ್ರಯಾಣಕ್ಕೆ ಅವಕಾಶ ಕಲ್ಪಿಸಲಾಗಿದೆ. ವಾರ್ತಾ ಮತ್ತು ಸಾರ್ವಜನಿಕ ಸಂಪರ್ಕ ಇಲಾಖೆಯ ಆಯುಕ್ತರ ಅಧ್ಯಕ್ಷತೆಯಲ್ಲಿ ಸಮಿತಿ ಕಾರ್ಯನಿರ್ವಹಿಸಲಿದೆ.
ಕೆಯುಡಬ್ಲ್ಯುಜೆ ಅಭಿನಂದನೆ
ಗ್ರಾಮೀಣ ಪತ್ರಕರ್ತರಿಗೆ ಉಚಿತ ಬಸ್ ಪಾಸ್ ನೀಡಲು ಸರ್ಕಾರ ರಚನೆ ಮಾಡಿರುವ ರಾಜ್ಯ ಮಟ್ಟದ ಆಯ್ಕೆ ಸಮಿತಿಗೆ ನೇಮಕಗೊಂಡಿರುವ ಸದಸ್ಯರುಗಳಿಗೆ ಕರ್ನಾಟಕ ಕಾರ್ಯ ನಿರತ ಪತ್ರಕರ್ತರ ಸಂಘ ಅಭಿನಂದಿಸಿದೆ.
ಸಮಿತಿಯಲ್ಲಿ ಕರ್ನಾಟಕ ಮಾಧ್ಯಮ ಅಕಾಡೆಮಿ ಅಧ್ಯಕ್ಷರು, ಸಾರಿಗೆ ಸಂಸ್ಥೆಗಳ ಪ್ರತಿನಿಧಿಗಳು ಹಾಗೂ ಪತ್ರಕರ್ತರ ಸಂಘಗಳ ಪದಾಧಿಕಾರಿಗಳು ಸದಸ್ಯರಾಗಿರುತ್ತಾರೆ. ಜ.18 ಮತ್ತು 19 ರಂದು ಅರ್ಜಿಗಳ ಪರಿಶೀಲನೆ ನಡೆಯಲಿದ್ದು, ಅರ್ಹ ಗ್ರಾಮೀಣ ಪತ್ರಕರ್ತರು ಅಗತ್ಯ ದಾಖಲೆಗಳೊಂದಿಗೆ ಅರ್ಜಿ ಸಲ್ಲಿಸಬಹುದು. ಆಯ್ಕೆಯಾದವರಿಗೆ ಉಚಿತ ಬಸ್ ಪಾಸ್ ವಿತರಿಸಲಾಗುವುದು ಎಂದು ಇಲಾಖೆ ಪ್ರಕಟಣೆಯಲ್ಲಿ ತಿಳಿಸಿದೆ.
ಶ್ರೀ ರಂಭಾಪುರಿ ಜಗದ್ಗುರುಗಳ ಹೇಳಿಕೆ
ಧರ್ಮ ಆಚರಣೆ ಬೇರೆಯಾದರೂ ಸೇರುವ ಗುರಿ ಒಂದೇ
ಕೊಳ್ಳೇಗಾಲ (ಚಾಮರಾಜನಗರ): ಧರ್ಮಗಳ ಆಚರಣೆ ಬೇರೆ ಬೇರೆಯಾದರೂ ಎಲ್ಲರೂ ಸೇರುವ ಗುರಿ ಮಾತ್ರ ಒಂದೇ ಎಂದು ಶ್ರೀ ರಂಭಾಪುರಿ ಜಗದ್ಗುರುಗಳು ನುಡಿದರು. ಸೋಮೇಶ್ವರ ಕ್ಷೇತ್ರದಲ್ಲಿ ನಡೆದ ಧಾರ್ಮಿಕ ಕಾರ್ಯಕ್ರಮದಲ್ಲಿ ಆಶೀರ್ವಚನ ನೀಡಿದ ಅವರು, ಮಾನವೀಯತೆ ಎಲ್ಲ ಧರ್ಮಗಳ ಮೂಲ ತತ್ವವಾಗಿದೆ. ಜಾತಿ, ಮತ, ಪಂಥಗಳ ಭೇದವಿಲ್ಲದೆ ಎಲ್ಲರೂ ಒಗ್ಗಟ್ಟಿನಿಂದ ಬಾಳಬೇಕು ಎಂದರು.
ಸೋಮೇಶ್ವರ ಕ್ಷೇತ್ರವನ್ನು ಅಭಿವೃದ್ಧಿಪಡಿಸುವ ಸಂಕಲ್ಪ ನಮ್ಮದಾಗಿದೆ. ಎಲ್ಲರ ಸಹಕಾರ ಸೇವಾ ಮನೋಭಾವನೆ ಮುಖ್ಯವೆಂದರು.
ಕಾರ್ಯಕ್ರಮದಲ್ಲಿ ವಿವಿಧ ಮಠಗಳ ಸ್ವಾಮೀಜಿಗಳು, ಗಣ್ಯರು, ಭಕ್ತರು ಹಾಗೂ ಸ್ಥಳೀಯ ಮುಖಂಡರು ಪಾಲ್ಗೊಂಡಿದ್ದರು. ಸೋಮೇಶ್ವರ ಕ್ಷೇತ್ರದ ಅಭಿವೃದ್ಧಿಗೆ ಸರ್ಕಾರ ಹಾಗೂ ಭಕ್ತರ ಸಹಕಾರ ಅಗತ್ಯವೆಂದು ಜಗದ್ಗುರುಗಳು ನುಡಿದರು. ಧಾರ್ಮಿಕ ಸಭೆಯ ನಂತರ ಅನ್ನದಾಸೋಹ ಕಾರ್ಯಕ್ರಮ ನಡೆಯಿತು. 2025ರ ಜಾತ್ರಾ ಮಹೋತ್ಸವವನ್ನು ವಿಜೃಂಭಣೆಯಿಂದ ಆಚರಿಸಲು ಸಿದ್ಧತೆ ನಡೆದಿದೆ ಎಂದು ಆಯೋಜಕರು ತಿಳಿಸಿದರು.
ಬದಲಾಯಿಸಬಹುದು. ಯಾರಿಂದಲೂ ಸಾಧ್ಯವಿಲ್ಲ. ನಾಡು ಬೆಳೆಯಬಾರದು; ಸತ್ಕಾರ್ಯ ಸಕಲ ಜನರಿಗೆ ಮೇಳೈಸಬೇಕು. ಮಠಾಧೀಶರ ಹಿರಿಯ ಪರಂಪರೆ ಮಾರ್ಗದರ್ಶನದಲ್ಲಿ ಕ್ಷೇತ್ರದ ಅಭಿವೃದ್ಧಿ ಕಾರ್ಯಗಳು ನಡೆಯುತ್ತಿವೆ. ಹಸು ಹಾಲು ಕೊಡುತ್ತಿರುವುದೇ ಕಾರುಣ್ಯದ ಸಂಕೇತ ಎಂದು ಹೇಳಿದರು. ಬಳಿಕ ಮಹಾಮಂಗಳಾರತಿ ನೆರವೇರಿತು.
